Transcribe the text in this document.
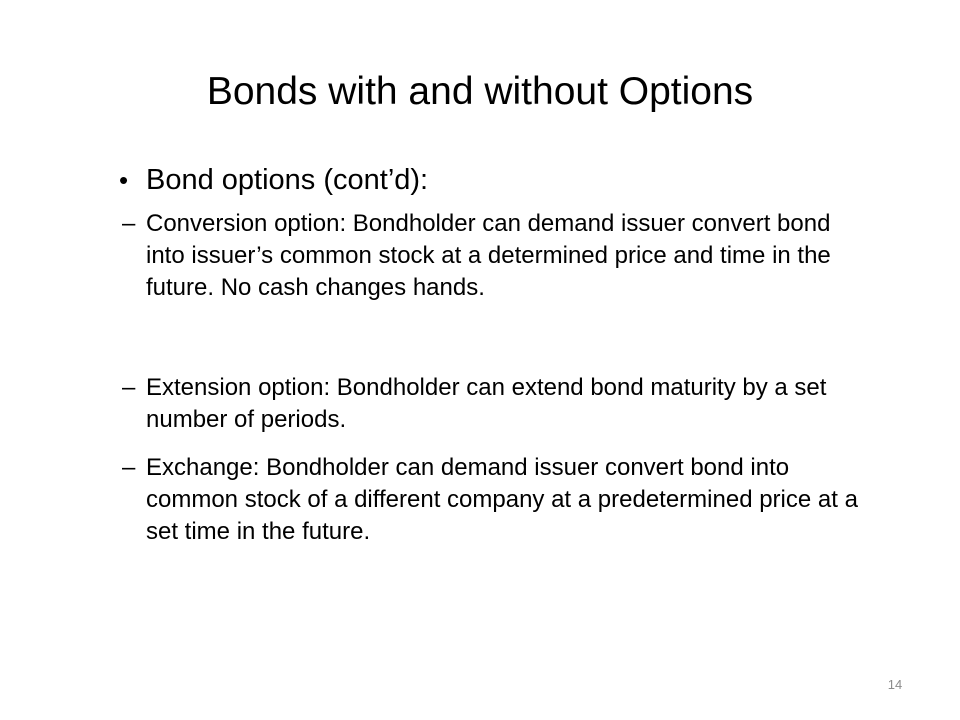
Bonds with and without Options
• Bond options (cont’d):
– Conversion option: Bondholder can demand issuer convert bond into issuer’s common stock at a determined price and time in the future. No cash changes hands.

– Extension option: Bondholder can extend bond maturity by a set number of periods.

– Exchange: Bondholder can demand issuer convert bond into common stock of a different company at a predetermined price at a set time in the future.

14
